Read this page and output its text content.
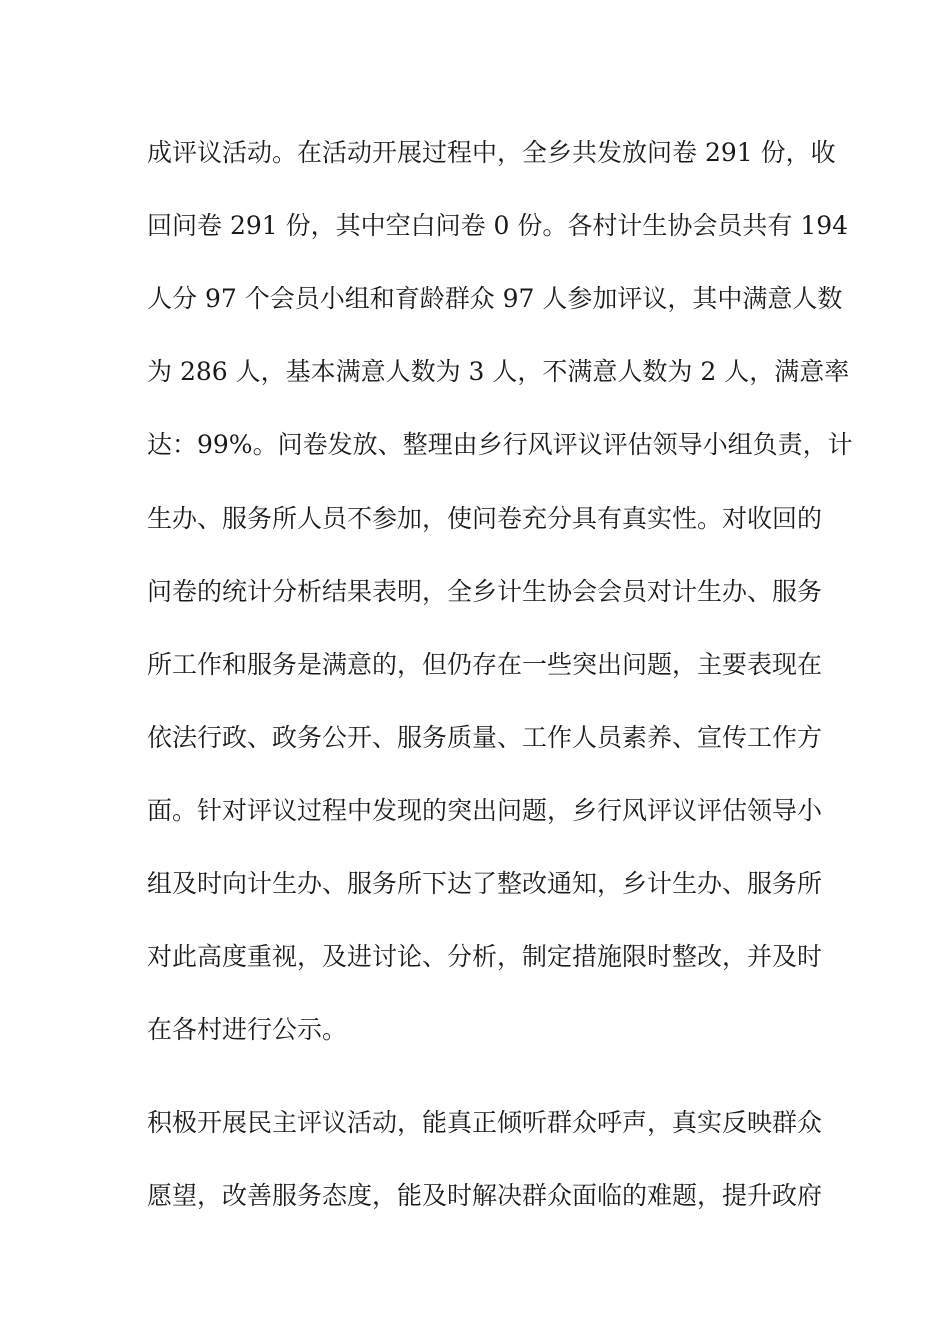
成评议活动。在活动开展过程中，全乡共发放问卷 291 份，收
回问卷 291 份，其中空白问卷 0 份。各村计生协会员共有 194
人分 97 个会员小组和育龄群众 97 人参加评议，其中满意人数
为 286 人，基本满意人数为 3 人，不满意人数为 2 人，满意率
达：99%。问卷发放、整理由乡行风评议评估领导小组负责，计
生办、服务所人员不参加，使问卷充分具有真实性。对收回的
问卷的统计分析结果表明，全乡计生协会会员对计生办、服务
所工作和服务是满意的，但仍存在一些突出问题，主要表现在
依法行政、政务公开、服务质量、工作人员素养、宣传工作方
面。针对评议过程中发现的突出问题，乡行风评议评估领导小
组及时向计生办、服务所下达了整改通知，乡计生办、服务所
对此高度重视，及进讨论、分析，制定措施限时整改，并及时
在各村进行公示。
积极开展民主评议活动，能真正倾听群众呼声，真实反映群众
愿望，改善服务态度，能及时解决群众面临的难题，提升政府
